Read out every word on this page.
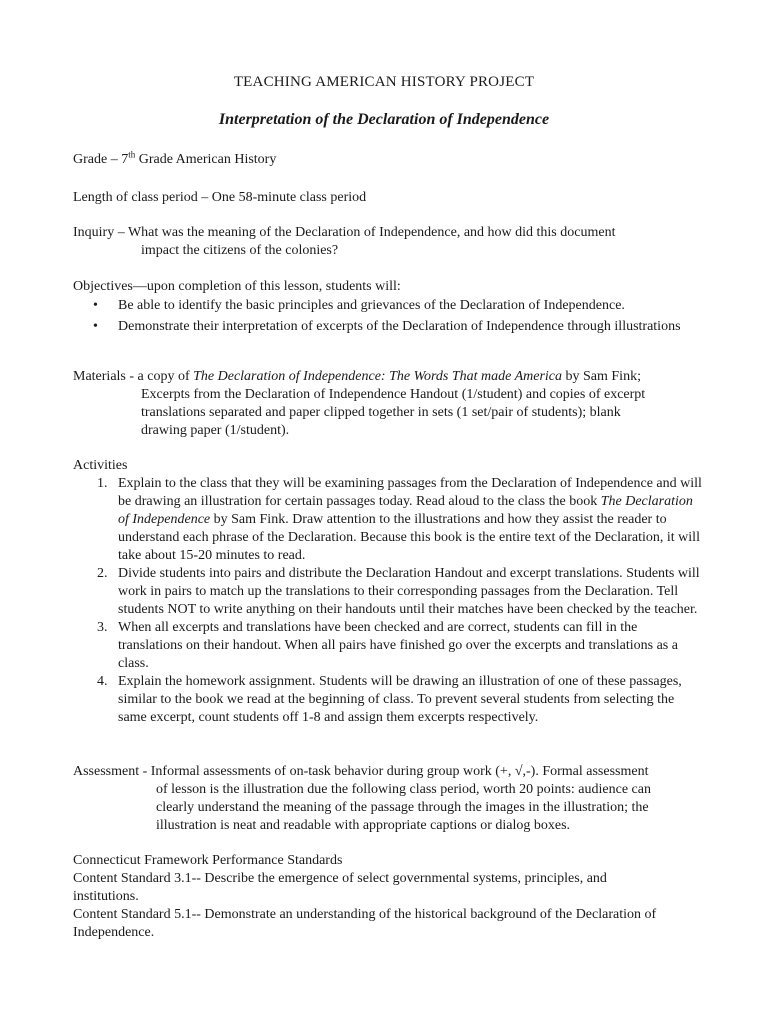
TEACHING AMERICAN HISTORY PROJECT
Interpretation of the Declaration of Independence
Grade – 7th Grade American History
Length of class period – One 58-minute class period
Inquiry – What was the meaning of the Declaration of Independence, and how did this document
impact the citizens of the colonies?
Objectives—upon completion of this lesson, students will:
• Be able to identify the basic principles and grievances of the Declaration of Independence.
• Demonstrate their interpretation of excerpts of the Declaration of Independence through illustrations
Materials - a copy of The Declaration of Independence: The Words That made America by Sam Fink;
Excerpts from the Declaration of Independence Handout (1/student) and copies of excerpt
translations separated and paper clipped together in sets (1 set/pair of students); blank
drawing paper (1/student).
Activities
1. Explain to the class that they will be examining passages from the Declaration of Independence and will be drawing an illustration for certain passages today. Read aloud to the class the book The Declaration of Independence by Sam Fink. Draw attention to the illustrations and how they assist the reader to understand each phrase of the Declaration. Because this book is the entire text of the Declaration, it will take about 15-20 minutes to read.
2. Divide students into pairs and distribute the Declaration Handout and excerpt translations. Students will work in pairs to match up the translations to their corresponding passages from the Declaration. Tell students NOT to write anything on their handouts until their matches have been checked by the teacher.
3. When all excerpts and translations have been checked and are correct, students can fill in the translations on their handout. When all pairs have finished go over the excerpts and translations as a class.
4. Explain the homework assignment. Students will be drawing an illustration of one of these passages, similar to the book we read at the beginning of class. To prevent several students from selecting the same excerpt, count students off 1-8 and assign them excerpts respectively.
Assessment - Informal assessments of on-task behavior during group work (+, √,-). Formal assessment
of lesson is the illustration due the following class period, worth 20 points: audience can
clearly understand the meaning of the passage through the images in the illustration; the
illustration is neat and readable with appropriate captions or dialog boxes.
Connecticut Framework Performance Standards
Content Standard 3.1-- Describe the emergence of select governmental systems, principles, and institutions.
Content Standard 5.1-- Demonstrate an understanding of the historical background of the Declaration of Independence.
